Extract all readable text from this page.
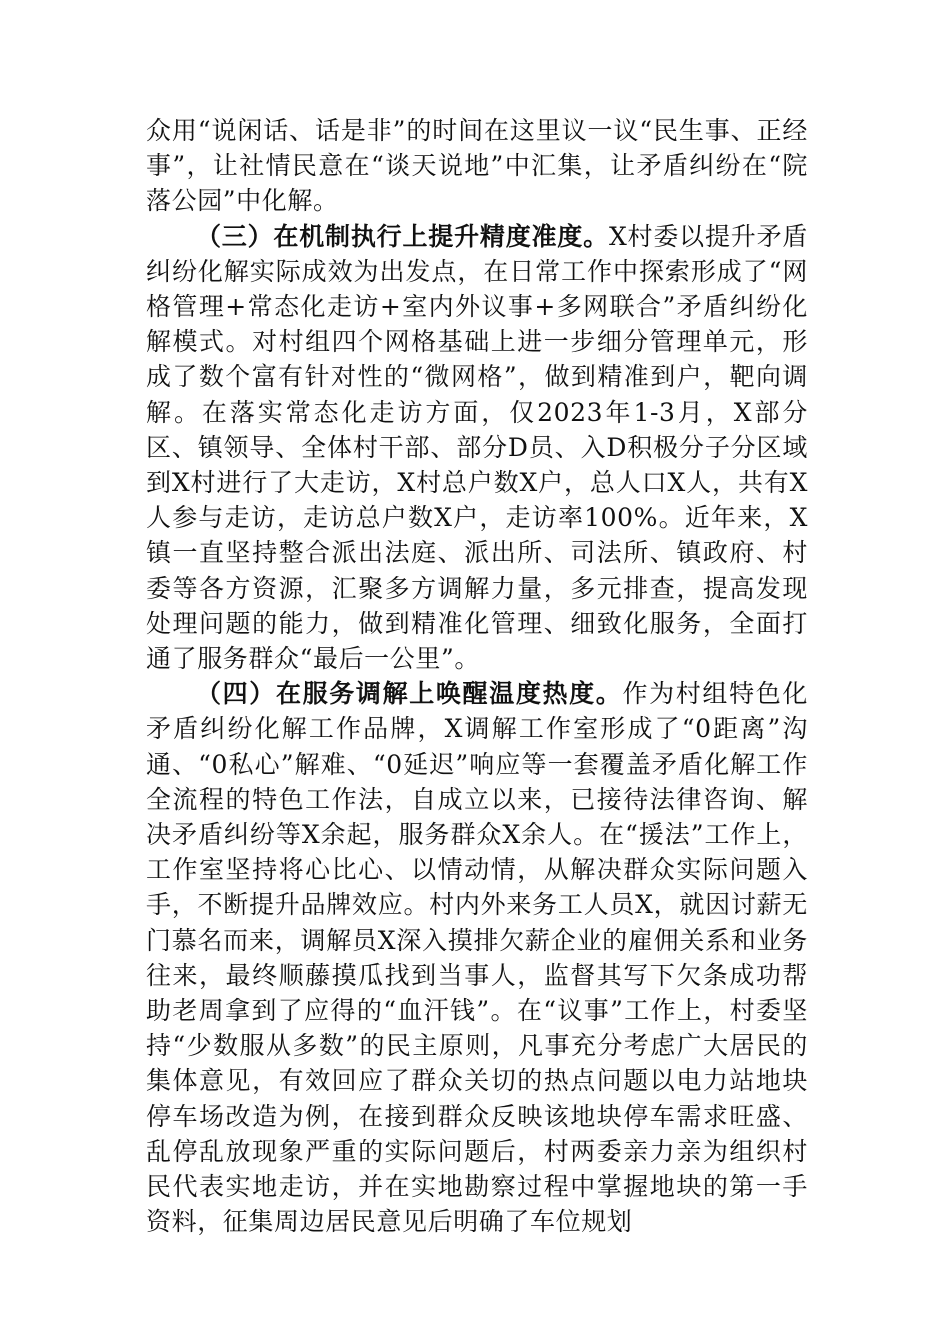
众用“说闲话、话是非”的时间在这里议一议“民生事、正经事”，让社情民意在“谈天说地”中汇集，让矛盾纠纷在“院落公园”中化解。

（三）在机制执行上提升精度准度。X村委以提升矛盾纠纷化解实际成效为出发点，在日常工作中探索形成了“网格管理+常态化走访+室内外议事+多网联合”矛盾纠纷化解模式。对村组四个网格基础上进一步细分管理单元，形成了数个富有针对性的“微网格”，做到精准到户，靶向调解。在落实常态化走访方面，仅2023年1-3月，X部分区、镇领导、全体村干部、部分D员、入D积极分子分区域到X村进行了大走访，X村总户数X户，总人口X人，共有X人参与走访，走访总户数X户，走访率100%。近年来，X镇一直坚持整合派出法庭、派出所、司法所、镇政府、村委等各方资源，汇聚多方调解力量，多元排查，提高发现处理问题的能力，做到精准化管理、细致化服务，全面打通了服务群众“最后一公里”。

（四）在服务调解上唤醒温度热度。作为村组特色化矛盾纠纷化解工作品牌，X调解工作室形成了“0距离”沟通、“0私心”解难、“0延迟”响应等一套覆盖矛盾化解工作全流程的特色工作法，自成立以来，已接待法律咨询、解决矛盾纠纷等X余起，服务群众X余人。在“援法”工作上，工作室坚持将心比心、以情动情，从解决群众实际问题入手，不断提升品牌效应。村内外来务工人员X，就因讨薪无门慕名而来，调解员X深入摸排欠薪企业的雇佣关系和业务往来，最终顺藤摸瓜找到当事人，监督其写下欠条成功帮助老周拿到了应得的“血汗钱”。在“议事”工作上，村委坚持“少数服从多数”的民主原则，凡事充分考虑广大居民的集体意见，有效回应了群众关切的热点问题以电力站地块停车场改造为例，在接到群众反映该地块停车需求旺盛、乱停乱放现象严重的实际问题后，村两委亲力亲为组织村民代表实地走访，并在实地勘察过程中掌握地块的第一手资料，征集周边居民意见后明确了车位规划
